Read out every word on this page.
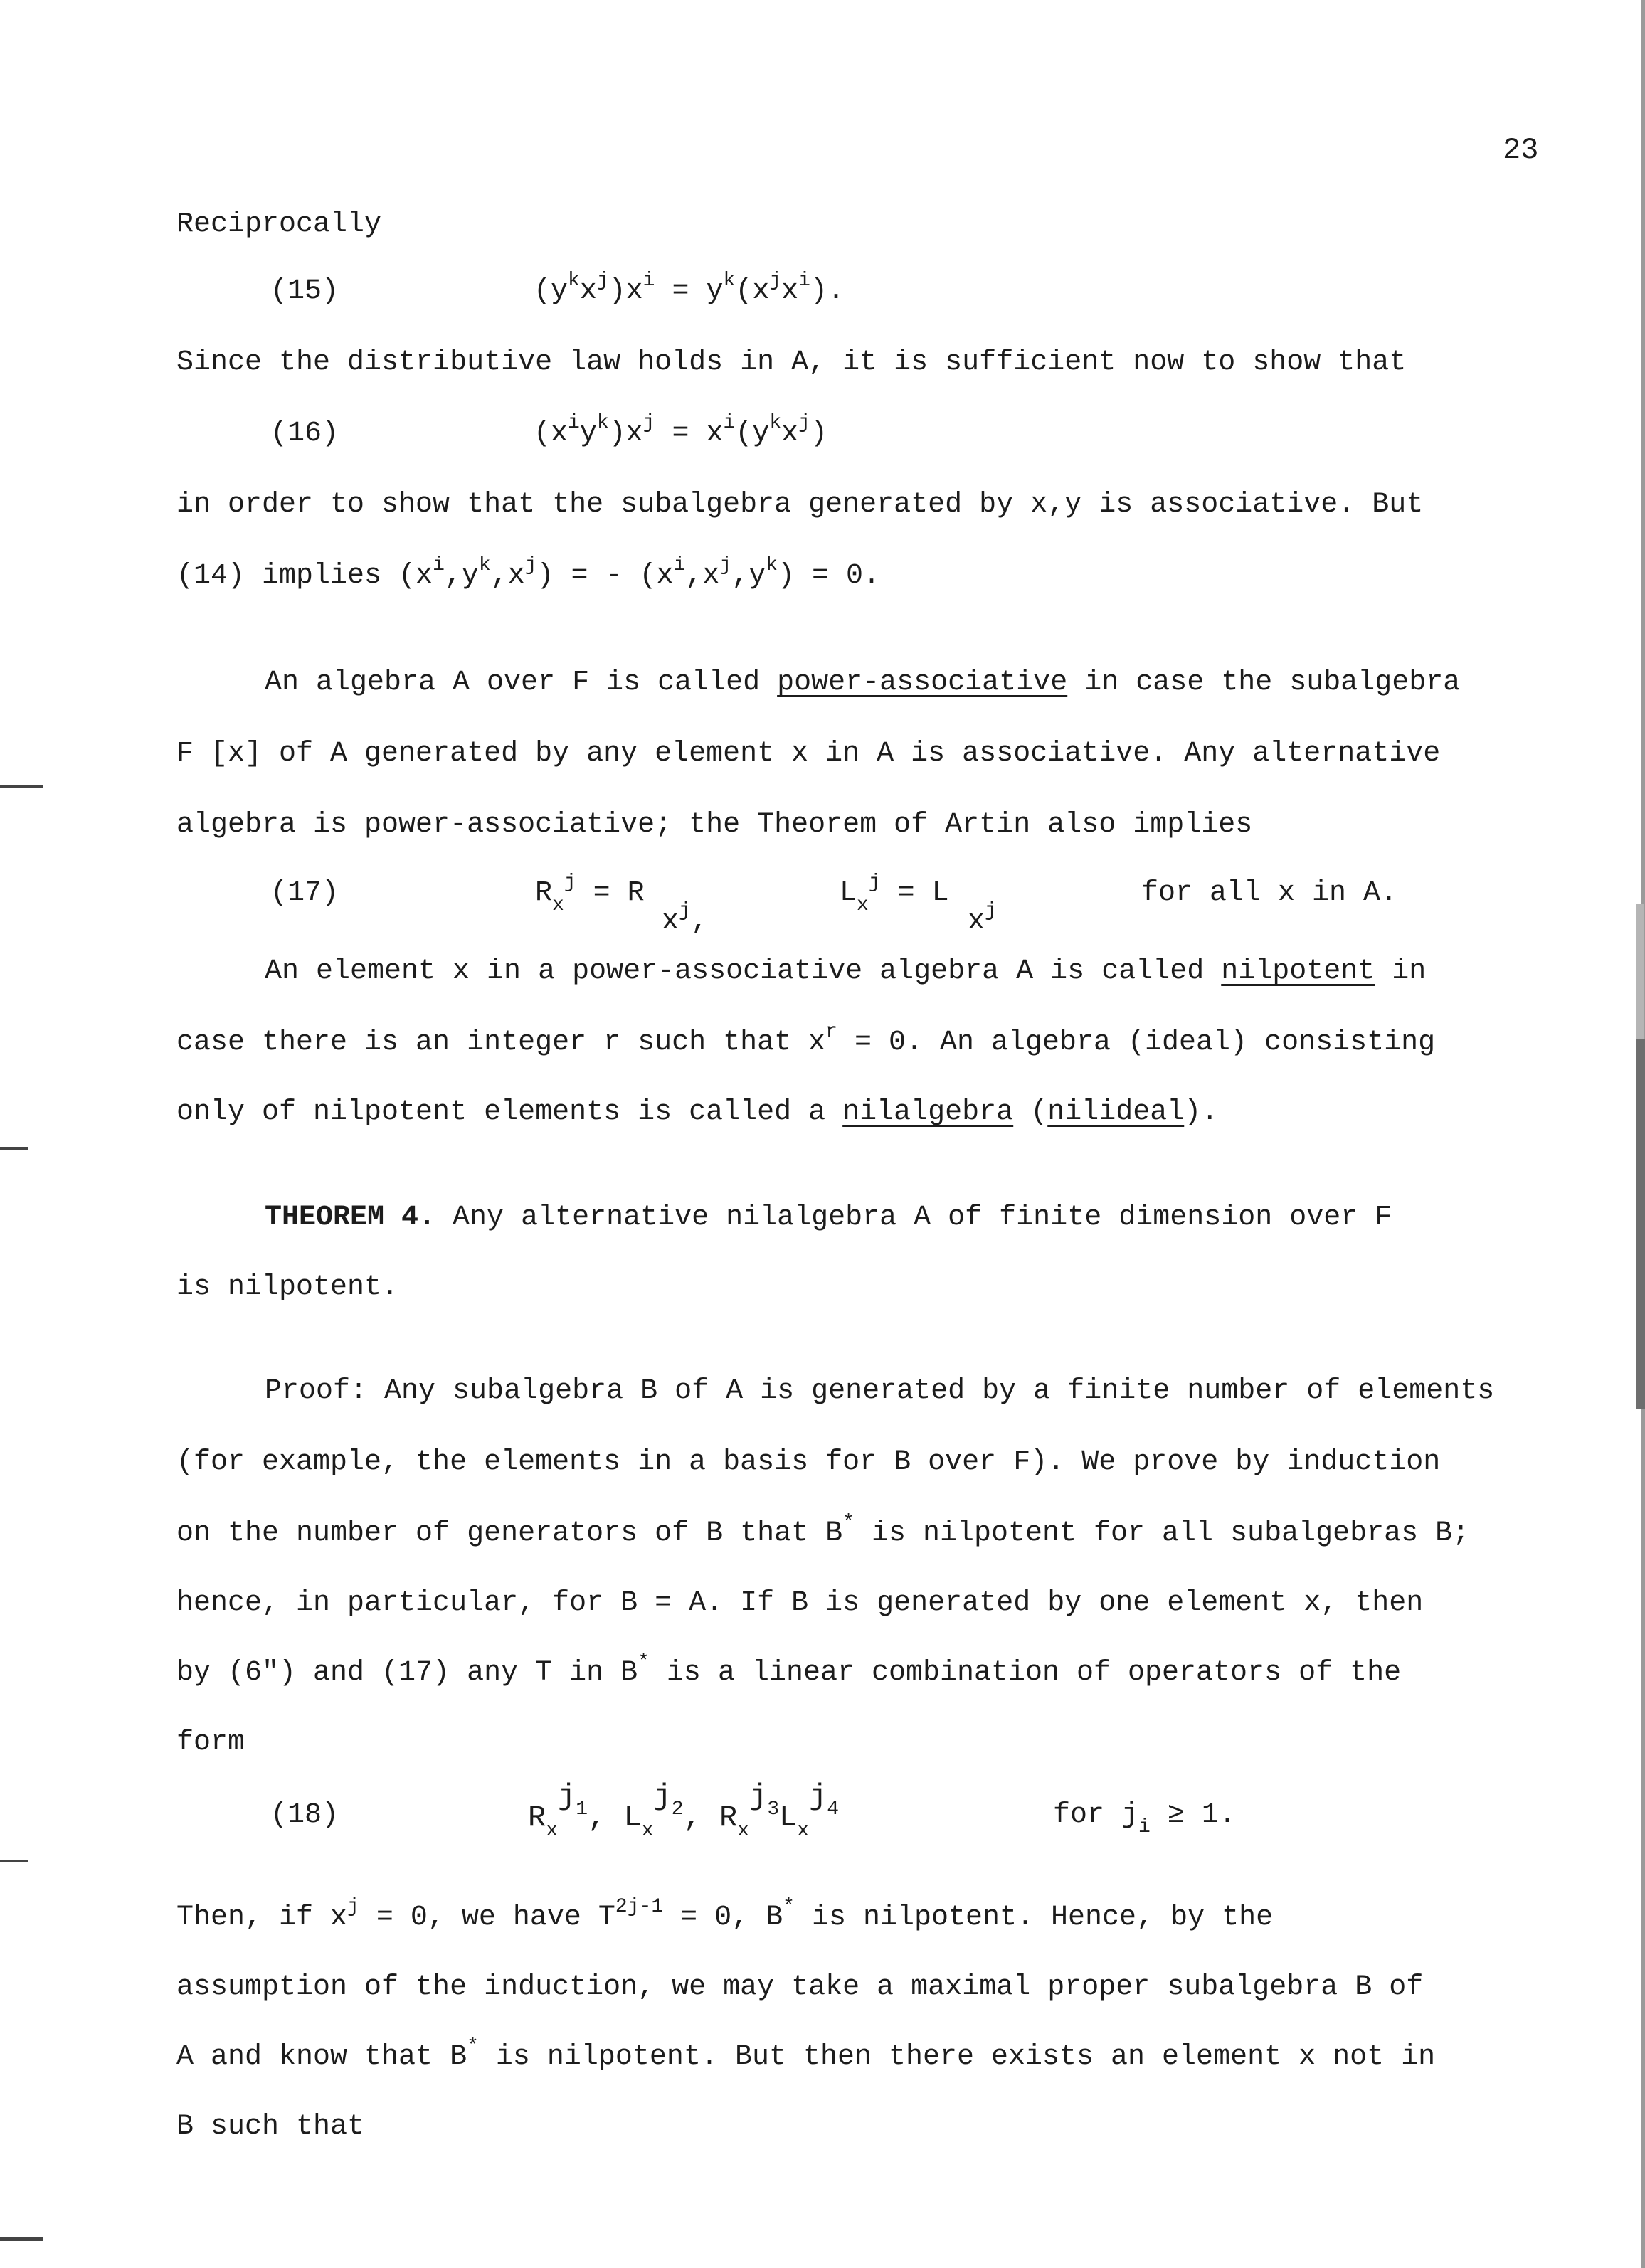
23
Reciprocally
(15)	$(y^kx^j)x^i = y^k(x^jx^i)$.
Since the distributive law holds in A, it is sufficient now to show that
(16)	$(x^iy^k)x^j = x^i(y^kx^j)$
in order to show that the subalgebra generated by x,y is associative. But
(14) implies $(x^i,y^k,x^j)$ = - $(x^i,x^j,y^k) = 0$.
An algebra A over F is called power-associative in case the subalgebra
F [x] of A generated by any element x in A is associative. Any alternative
algebra is power-associative; the Theorem of Artin also implies
(17)	$R_x^j = R$
$x^j$,
$L_x^j = L$
$x^j$
for all x in A.
An element x in a power-associative algebra A is called nilpotent in
case there is an integer r such that $x^r = 0$. An algebra (ideal) consisting
only of nilpotent elements is called a nilalgebra (nilideal).
THEOREM 4. Any alternative nilalgebra A of finite dimension over F
is nilpotent.
Proof: Any subalgebra B of A is generated by a finite number of elements
(for example, the elements in a basis for B over F). We prove by induction
on the number of generators of B that B* is nilpotent for all subalgebras B;
hence, in particular, for B = A. If B is generated by one element x, then
by (6") and (17) any T in B* is a linear combination of operators of the
form
(18)	$R_xj_1$, $L_xj_2$, $R_xj_3L_xj_4$	for $j_i \ge 1$.
Then, if $x^j = 0$, we have $T^{2j-1} = 0$, B* is nilpotent. Hence, by the
assumption of the induction, we may take a maximal proper subalgebra B of
A and know that B* is nilpotent. But then there exists an element x not in
B such that
